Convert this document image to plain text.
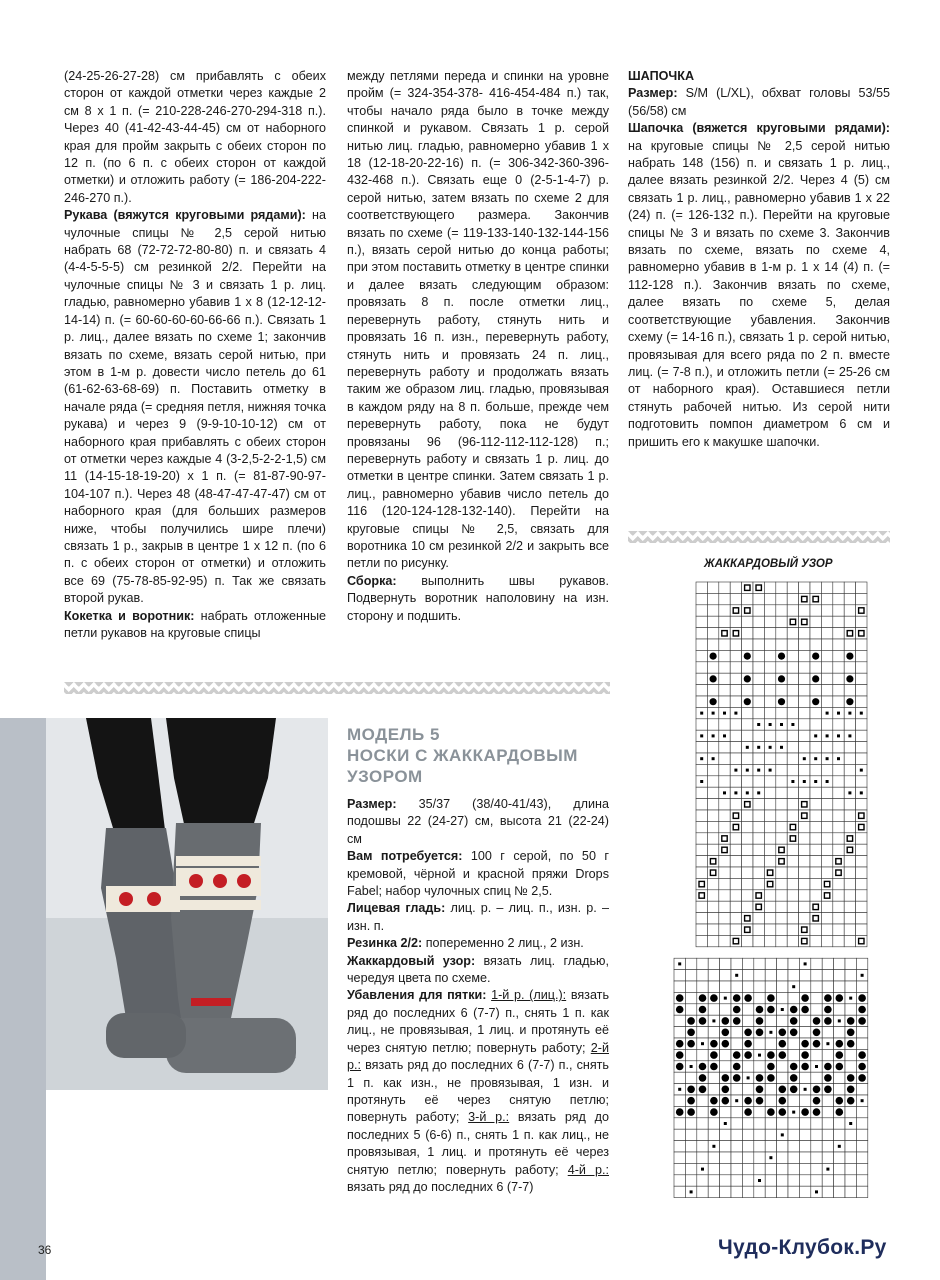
(24-25-26-27-28) см прибавлять с обеих сторон от каждой отметки через каждые 2 см 8 х 1 п. (= 210-228-246-270-294-318 п.). Через 40 (41-42-43-44-45) см от наборного края для пройм закрыть с обеих сторон по 12 п. (по 6 п. с обеих сторон от каждой отметки) и отложить работу (= 186-204-222-246-270 п.).

Рукава (вяжутся круговыми рядами): на чулочные спицы № 2,5 серой нитью набрать 68 (72-72-72-80-80) п. и связать 4 (4-4-5-5-5) см резинкой 2/2. Перейти на чулочные спицы № 3 и связать 1 р. лиц. гладью, равномерно убавив 1 х 8 (12-12-12-14-14) п. (= 60-60-60-60-66-66 п.). Связать 1 р. лиц., далее вязать по схеме 1; закончив вязать по схеме, вязать серой нитью, при этом в 1-м р. довести число петель до 61 (61-62-63-68-69) п. Поставить отметку в начале ряда (= средняя петля, нижняя точка рукава) и через 9 (9-9-10-10-12) см от наборного края прибавлять с обеих сторон от отметки через каждые 4 (3-2,5-2-2-1,5) см 11 (14-15-18-19-20) х 1 п. (= 81-87-90-97-104-107 п.). Через 48 (48-47-47-47-47) см от наборного края (для больших размеров ниже, чтобы получились шире плечи) связать 1 р., закрыв в центре 1 х 12 п. (по 6 п. с обеих сторон от отметки) и отложить все 69 (75-78-85-92-95) п. Так же связать второй рукав.

Кокетка и воротник: набрать отложенные петли рукавов на круговые спицы

между петлями переда и спинки на уровне пройм (= 324-354-378- 416-454-484 п.) так, чтобы начало ряда было в точке между спинкой и рукавом. Связать 1 р. серой нитью лиц. гладью, равномерно убавив 1 х 18 (12-18-20-22-16) п. (= 306-342-360-396-432-468 п.). Связать еще 0 (2-5-1-4-7) р. серой нитью, затем вязать по схеме 2 для соответствующего размера. Закончив вязать по схеме (= 119-133-140-132-144-156 п.), вязать серой нитью до конца работы; при этом поставить отметку в центре спинки и далее вязать следующим образом: провязать 8 п. после отметки лиц., перевернуть работу, стянуть нить и провязать 16 п. изн., перевернуть работу, стянуть нить и провязать 24 п. лиц., перевернуть работу и продолжать вязать таким же образом лиц. гладью, провязывая в каждом ряду на 8 п. больше, прежде чем перевернуть работу, пока не будут провязаны 96 (96-112-112-112-128) п.; перевернуть работу и связать 1 р. лиц. до отметки в центре спинки. Затем связать 1 р. лиц., равномерно убавив число петель до 116 (120-124-128-132-140). Перейти на круговые спицы № 2,5, связать для воротника 10 см резинкой 2/2 и закрыть все петли по рисунку.

Сборка: выполнить швы рукавов. Подвернуть воротник наполовину на изн. сторону и подшить.

ШАПОЧКА

Размер: S/M (L/XL), обхват головы 53/55 (56/58) см

Шапочка (вяжется круговыми рядами): на круговые спицы № 2,5 серой нитью набрать 148 (156) п. и связать 1 р. лиц., далее вязать резинкой 2/2. Через 4 (5) см связать 1 р. лиц., равномерно убавив 1 х 22 (24) п. (= 126-132 п.). Перейти на круговые спицы № 3 и вязать по схеме 3. Закончив вязать по схеме, вязать по схеме 4, равномерно убавив в 1-м р. 1 х 14 (4) п. (= 112-128 п.). Закончив вязать по схеме, далее вязать по схеме 5, делая соответствующие убавления. Закончив схему (= 14-16 п.), связать 1 р. серой нитью, провязывая для всего ряда по 2 п. вместе лиц. (= 7-8 п.), и отложить петли (= 25-26 см от наборного края). Оставшиеся петли стянуть рабочей нитью. Из серой нити подготовить помпон диаметром 6 см и пришить его к макушке шапочки.

ЖАККАРДОВЫЙ УЗОР
МОДЕЛЬ 5
НОСКИ С ЖАККАРДОВЫМ
УЗОРОМ

Размер: 35/37 (38/40-41/43), длина подошвы 22 (24-27) см, высота 21 (22-24) см

Вам потребуется: 100 г серой, по 50 г кремовой, чёрной и красной пряжи Drops Fabel; набор чулочных спиц № 2,5.

Лицевая гладь: лиц. р. – лиц. п., изн. р. – изн. п.

Резинка 2/2: попеременно 2 лиц., 2 изн.

Жаккардовый узор: вязать лиц. гладью, чередуя цвета по схеме.

Убавления для пятки: 1-й р. (лиц.): вязать ряд до последних 6 (7-7) п., снять 1 п. как лиц., не провязывая, 1 лиц. и протянуть её через снятую петлю; повернуть работу; 2-й р.: вязать ряд до последних 6 (7-7) п., снять 1 п. как изн., не провязывая, 1 изн. и протянуть её через снятую петлю; повернуть работу; 3-й р.: вязать ряд до последних 5 (6-6) п., снять 1 п. как лиц., не провязывая, 1 лиц. и протянуть её через снятую петлю; повернуть работу; 4-й р.: вязать ряд до последних 6 (7-7)

36	Чудо-Клубок.Ру
